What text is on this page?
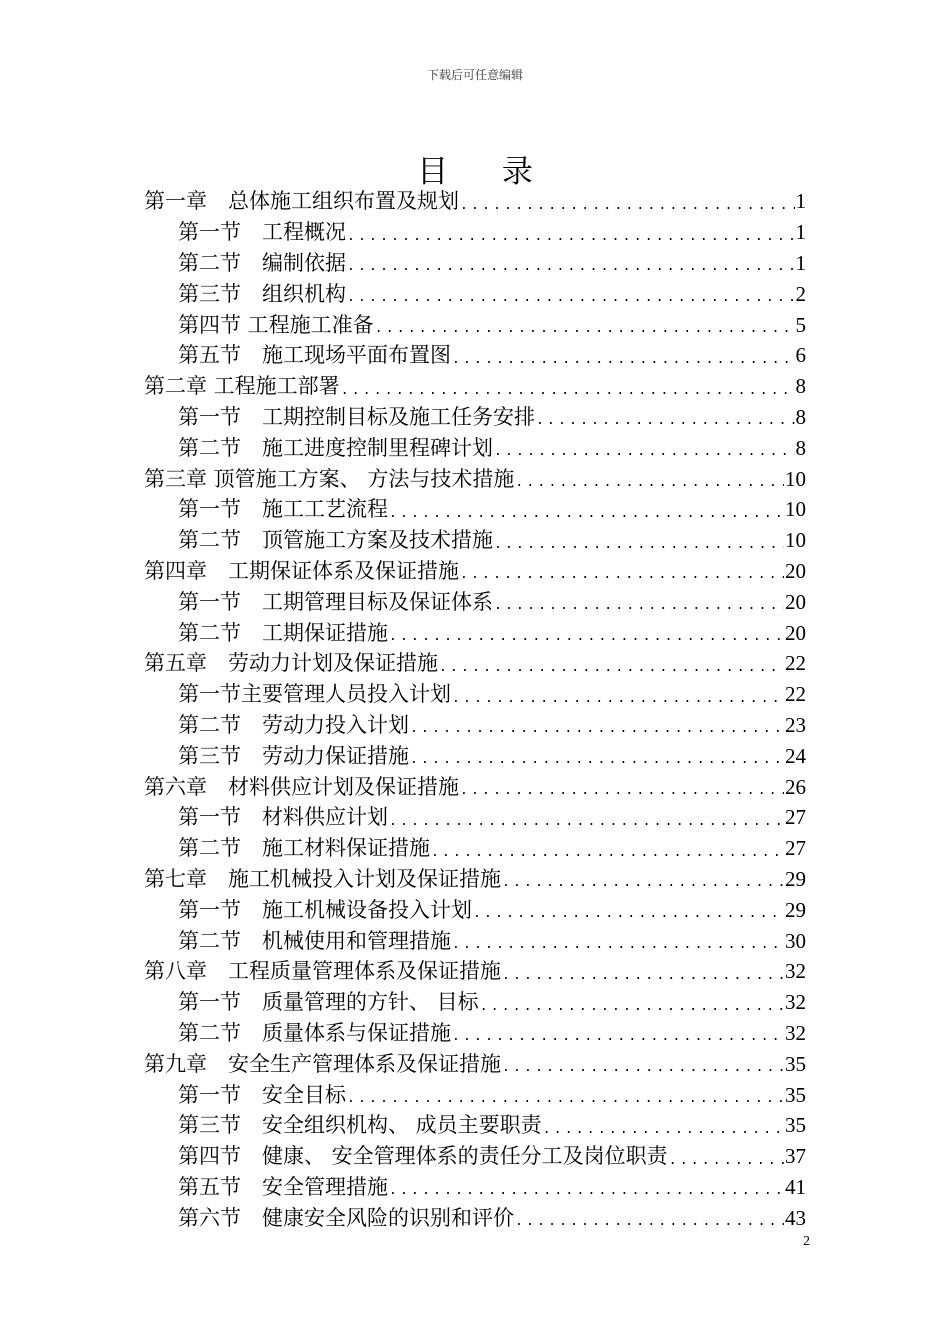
下载后可任意编辑
目 录
第一章　总体施工组织布置及规划 .....	1
第一节　工程概况 .....	1
第二节　编制依据 .....	1
第三节　组织机构 .....	2
第四节 工程施工准备 .....	5
第五节　施工现场平面布置图 .....	6
第二章 工程施工部署 .....	8
第一节　工期控制目标及施工任务安排 .....	8
第二节　施工进度控制里程碑计划 .....	8
第三章 顶管施工方案、 方法与技术措施 .....	10
第一节　施工工艺流程 .....	10
第二节　顶管施工方案及技术措施 .....	10
第四章　工期保证体系及保证措施 .....	20
第一节　工期管理目标及保证体系 .....	20
第二节　工期保证措施 .....	20
第五章　劳动力计划及保证措施 .....	22
第一节主要管理人员投入计划 .....	22
第二节　劳动力投入计划 .....	23
第三节　劳动力保证措施 .....	24
第六章　材料供应计划及保证措施 .....	26
第一节　材料供应计划 .....	27
第二节　施工材料保证措施 .....	27
第七章　施工机械投入计划及保证措施 .....	29
第一节　施工机械设备投入计划 .....	29
第二节　机械使用和管理措施 .....	30
第八章　工程质量管理体系及保证措施 .....	32
第一节　质量管理的方针、 目标 .....	32
第二节　质量体系与保证措施 .....	32
第九章　安全生产管理体系及保证措施 .....	35
第一节　安全目标 .....	35
第三节　安全组织机构、 成员主要职责 .....	35
第四节　健康、 安全管理体系的责任分工及岗位职责 .....	37
第五节　安全管理措施 .....	41
第六节　健康安全风险的识别和评价 .....	43
2
